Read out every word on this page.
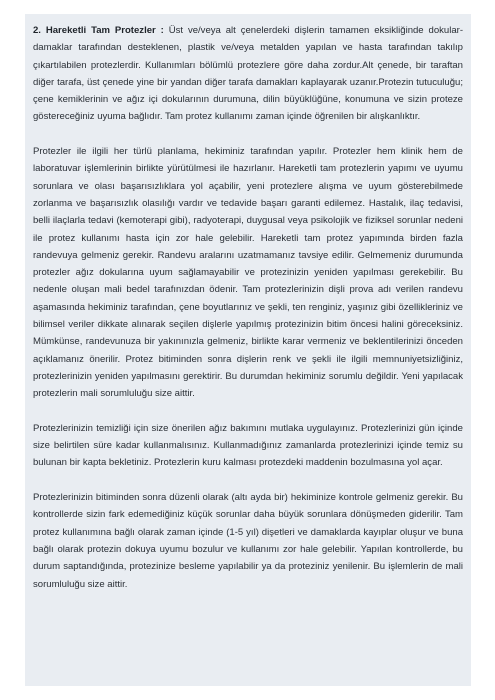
2. Hareketli Tam Protezler : Üst ve/veya alt çenelerdeki dişlerin tamamen eksikliğinde dokular-damaklar tarafından desteklenen, plastik ve/veya metalden yapılan ve hasta tarafından takılıp çıkartılabilen protezlerdir. Kullanımları bölümlü protezlere göre daha zordur.Alt çenede, bir taraftan diğer tarafa, üst çenede yine bir yandan diğer tarafa damakları kaplayarak uzanır.Protezin tutuculuğu; çene kemiklerinin ve ağız içi dokularının durumuna, dilin büyüklüğüne, konumuna ve sizin proteze göstereceğiniz uyuma bağlıdır. Tam protez kullanımı zaman içinde öğrenilen bir alışkanlıktır.

Protezler ile ilgili her türlü planlama, hekiminiz tarafından yapılır. Protezler hem klinik hem de laboratuvar işlemlerinin birlikte yürütülmesi ile hazırlanır. Hareketli tam protezlerin yapımı ve uyumu sorunlara ve olası başarısızlıklara yol açabilir, yeni protezlere alışma ve uyum gösterebilmede zorlanma ve başarısızlık olasılığı vardır ve tedavide başarı garanti edilemez. Hastalık, ilaç tedavisi, belli ilaçlarla tedavi (kemoterapi gibi), radyoterapi, duygusal veya psikolojik ve fiziksel sorunlar nedeni ile protez kullanımı hasta için zor hale gelebilir. Hareketli tam protez yapımında birden fazla randevuya gelmeniz gerekir. Randevu aralarını uzatmamanız tavsiye edilir. Gelmemeniz durumunda protezler ağız dokularına uyum sağlamayabilir ve protezinizin yeniden yapılması gerekebilir. Bu nedenle oluşan mali bedel tarafınızdan ödenir. Tam protezlerinizin dişli prova adı verilen randevu aşamasında hekiminiz tarafından, çene boyutlarınız ve şekli, ten renginiz, yaşınız gibi özellikleriniz ve bilimsel veriler dikkate alınarak seçilen dişlerle yapılmış protezinizin bitim öncesi halini göreceksiniz. Mümkünse, randevunuza bir yakınınızla gelmeniz, birlikte karar vermeniz ve beklentilerinizi önceden açıklamanız önerilir. Protez bitiminden sonra dişlerin renk ve şekli ile ilgili memnuniyetsizliğiniz, protezlerinizin yeniden yapılmasını gerektirir. Bu durumdan hekiminiz sorumlu değildir. Yeni yapılacak protezlerin mali sorumluluğu size aittir.

Protezlerinizin temizliği için size önerilen ağız bakımını mutlaka uygulayınız. Protezlerinizi gün içinde size belirtilen süre kadar kullanmalısınız. Kullanmadığınız zamanlarda protezlerinizi içinde temiz su bulunan bir kapta bekletiniz. Protezlerin kuru kalması protezdeki maddenin bozulmasına yol açar.

Protezlerinizin bitiminden sonra düzenli olarak (altı ayda bir) hekiminize kontrole gelmeniz gerekir. Bu kontrollerde sizin fark edemediğiniz küçük sorunlar daha büyük sorunlara dönüşmeden giderilir. Tam protez kullanımına bağlı olarak zaman içinde (1-5 yıl) dişetleri ve damaklarda kayıplar oluşur ve buna bağlı olarak protezin dokuya uyumu bozulur ve kullanımı zor hale gelebilir. Yapılan kontrollerde, bu durum saptandığında, protezinize besleme yapılabilir ya da proteziniz yenilenir. Bu işlemlerin de mali sorumluluğu size aittir.
